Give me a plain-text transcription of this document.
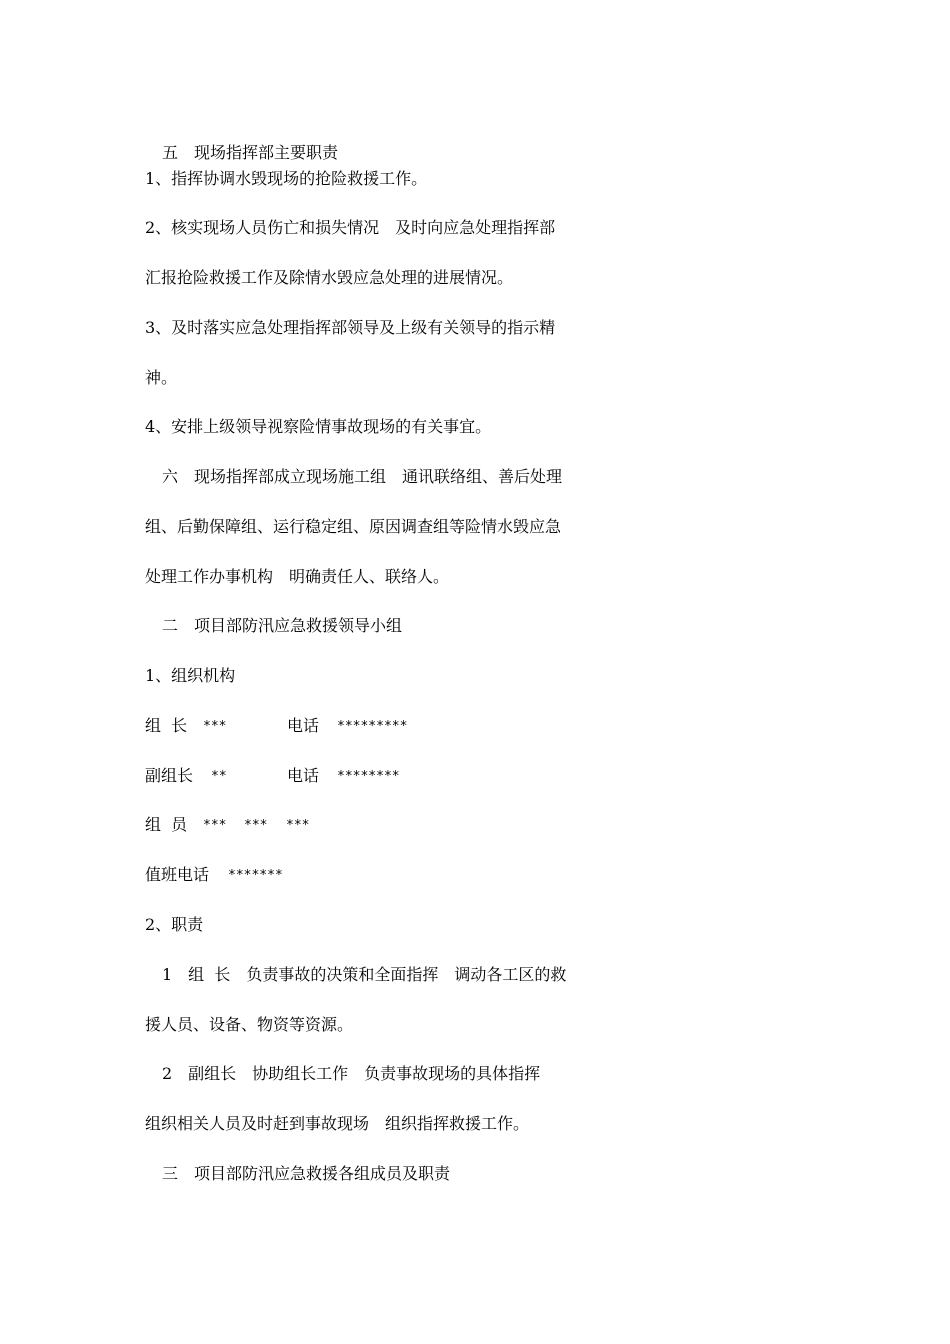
五　现场指挥部主要职责
1、指挥协调水毁现场的抢险救援工作。
2、核实现场人员伤亡和损失情况　及时向应急处理指挥部
汇报抢险救援工作及除情水毁应急处理的进展情况。
3、及时落实应急处理指挥部领导及上级有关领导的指示精
神。
4、安排上级领导视察险情事故现场的有关事宜。
六　现场指挥部成立现场施工组　通讯联络组、善后处理
组、后勤保障组、运行稳定组、原因调查组等险情水毁应急
处理工作办事机构　明确责任人、联络人。
二　项目部防汛应急救援领导小组
1、组织机构
组  长 ***	电话 *********
副组长 **	电话 ********
组  员 *** *** ***
值班电话 *******
2、职责
1　组  长　负责事故的决策和全面指挥　调动各工区的救
援人员、设备、物资等资源。
2　副组长　协助组长工作　负责事故现场的具体指挥
组织相关人员及时赶到事故现场　组织指挥救援工作。
三　项目部防汛应急救援各组成员及职责
